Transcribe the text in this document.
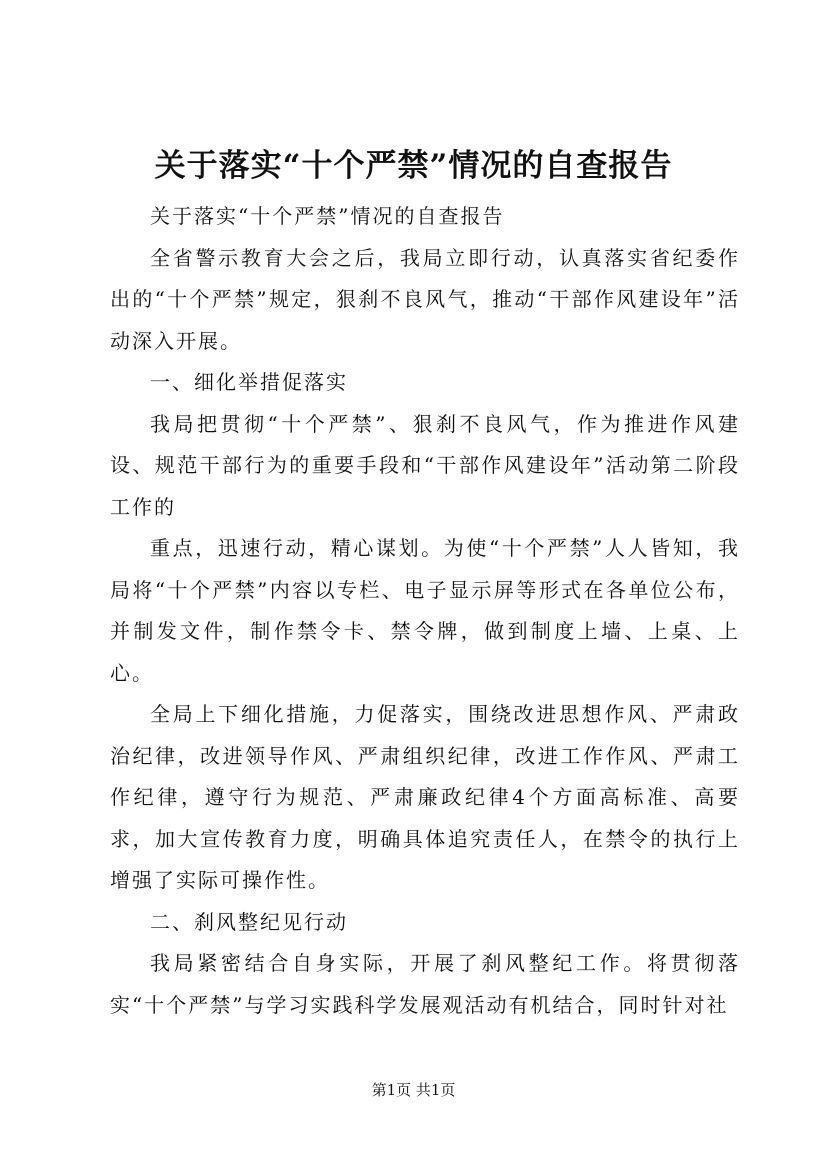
关于落实“十个严禁”情况的自查报告

关于落实“十个严禁”情况的自查报告

全省警示教育大会之后，我局立即行动，认真落实省纪委作出的“十个严禁”规定，狠刹不良风气，推动“干部作风建设年”活动深入开展。

一、细化举措促落实

我局把贯彻“十个严禁”、狠刹不良风气，作为推进作风建设、规范干部行为的重要手段和“干部作风建设年”活动第二阶段工作的

重点，迅速行动，精心谋划。为使“十个严禁”人人皆知，我局将“十个严禁”内容以专栏、电子显示屏等形式在各单位公布，并制发文件，制作禁令卡、禁令牌，做到制度上墙、上桌、上心。

全局上下细化措施，力促落实，围绕改进思想作风、严肃政治纪律，改进领导作风、严肃组织纪律，改进工作作风、严肃工作纪律，遵守行为规范、严肃廉政纪律4个方面高标准、高要求，加大宣传教育力度，明确具体追究责任人，在禁令的执行上增强了实际可操作性。

二、刹风整纪见行动

我局紧密结合自身实际，开展了刹风整纪工作。将贯彻落实“十个严禁”与学习实践科学发展观活动有机结合，同时针对社

第1页 共1页
